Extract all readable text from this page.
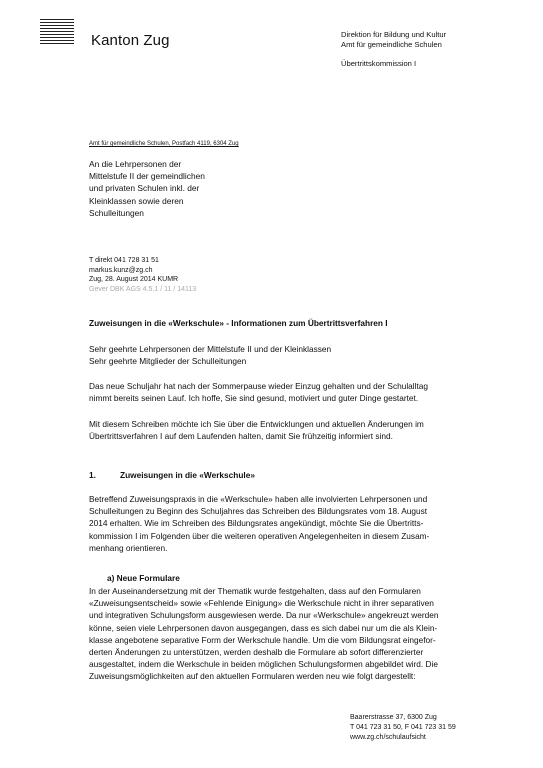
Kanton Zug	Direktion für Bildung und Kultur
Amt für gemeindliche Schulen
Übertrittskommission I
Amt für gemeindliche Schulen, Postfach 4119, 6304 Zug
An die Lehrpersonen der
Mittelstufe II der gemeindlichen
und privaten Schulen inkl. der
Kleinklassen sowie deren
Schulleitungen
T direkt 041 728 31 51
markus.kunz@zg.ch
Zug, 28. August 2014 KUMR
Gever DBK AGS 4.5.1 / 11 / 14113
Zuweisungen in die «Werkschule» - Informationen zum Übertrittsverfahren I

Sehr geehrte Lehrpersonen der Mittelstufe II und der Kleinklassen

Sehr geehrte Mitglieder der Schulleitungen

Das neue Schuljahr hat nach der Sommerpause wieder Einzug gehalten und der Schulalltag

nimmt bereits seinen Lauf. Ich hoffe, Sie sind gesund, motiviert und guter Dinge gestartet.

Mit diesem Schreiben möchte ich Sie über die Entwicklungen und aktuellen Änderungen im

Übertrittsverfahren I auf dem Laufenden halten, damit Sie frühzeitig informiert sind.

1.	Zuweisungen in die «Werkschule»

Betreffend Zuweisungspraxis in die «Werkschule» haben alle involvierten Lehrpersonen und

Schulleitungen zu Beginn des Schuljahres das Schreiben des Bildungsrates vom 18. August

2014 erhalten. Wie im Schreiben des Bildungsrates angekündigt, möchte Sie die Übertritts-

kommission I im Folgenden über die weiteren operativen Angelegenheiten in diesem Zusam-

menhang orientieren.

a) Neue Formulare

In der Auseinandersetzung mit der Thematik wurde festgehalten, dass auf den Formularen

«Zuweisungsentscheid» sowie «Fehlende Einigung» die Werkschule nicht in ihrer separativen

und integrativen Schulungsform ausgewiesen werde. Da nur «Werkschule» angekreuzt werden

könne, seien viele Lehrpersonen davon ausgegangen, dass es sich dabei nur um die als Klein-

klasse angebotene separative Form der Werkschule handle. Um die vom Bildungsrat eingefor-

derten Änderungen zu unterstützen, werden deshalb die Formulare ab sofort differenzierter

ausgestaltet, indem die Werkschule in beiden möglichen Schulungsformen abgebildet wird. Die

Zuweisungsmöglichkeiten auf den aktuellen Formularen werden neu wie folgt dargestellt:

Baarerstrasse 37, 6300 Zug
T 041 723 31 50, F 041 723 31 59
www.zg.ch/schulaufsicht
